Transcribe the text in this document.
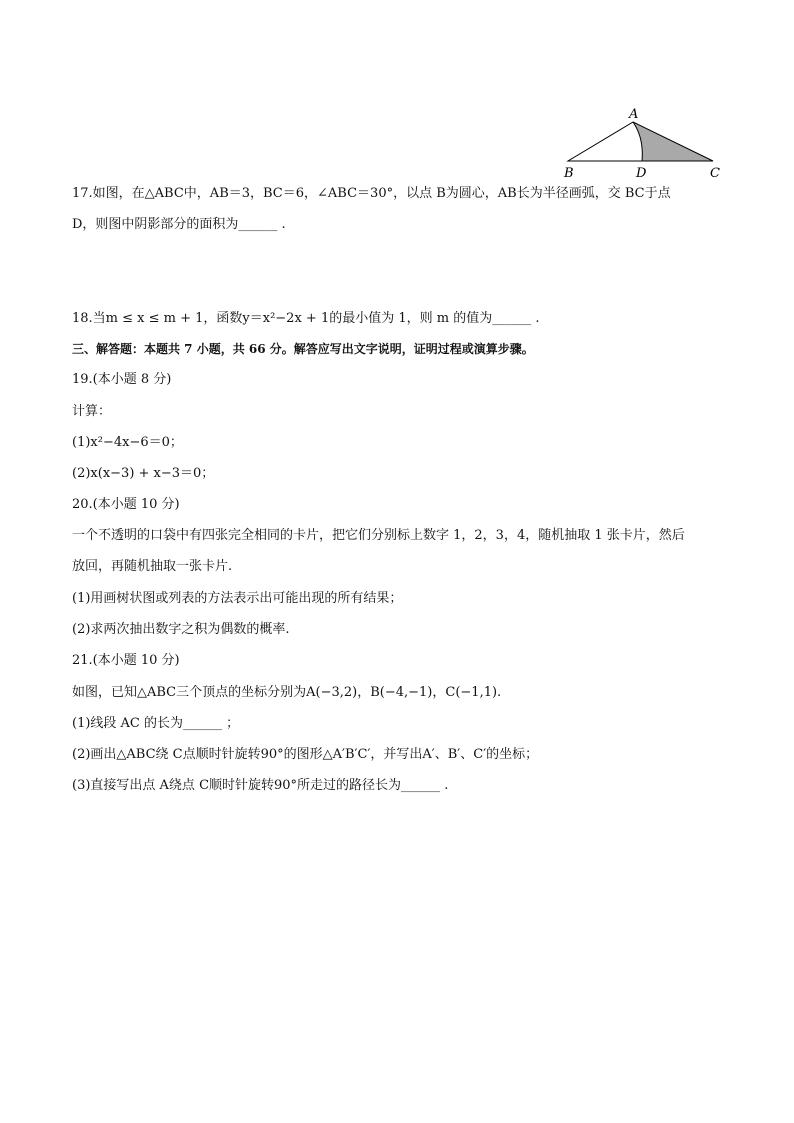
A
B	D	C
17.如图，在△ABC中，AB＝3，BC＝6，∠ABC＝30°，以点 B为圆心，AB长为半径画弧，交 BC于点
D，则图中阴影部分的面积为______ .
18.当m ≤ x ≤ m + 1，函数y＝x²−2x + 1的最小值为 1，则 m 的值为______ .
三、解答题：本题共 7 小题，共 66 分。解答应写出文字说明，证明过程或演算步骤。
19.(本小题 8 分)
计算：
(1)x²−4x−6＝0；
(2)x(x−3) + x−3＝0；
20.(本小题 10 分)
一个不透明的口袋中有四张完全相同的卡片，把它们分别标上数字 1，2，3，4，随机抽取 1 张卡片，然后
放回，再随机抽取一张卡片.
(1)用画树状图或列表的方法表示出可能出现的所有结果；
(2)求两次抽出数字之积为偶数的概率.
21.(本小题 10 分)
如图，已知△ABC三个顶点的坐标分别为A(−3,2)，B(−4,−1)，C(−1,1).
(1)线段 AC 的长为______ ；
(2)画出△ABC绕 C点顺时针旋转90°的图形△A′B′C′，并写出A′、B′、C′的坐标；
(3)直接写出点 A绕点 C顺时针旋转90°所走过的路径长为______ .
